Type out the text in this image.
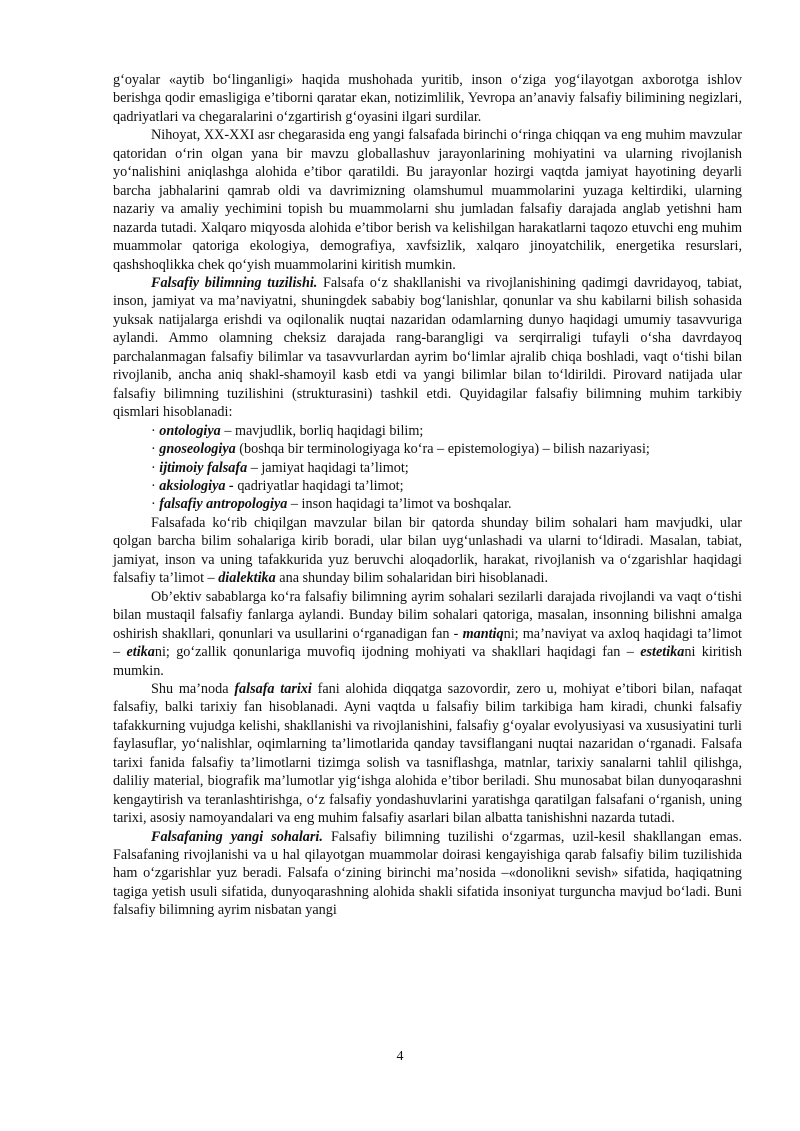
g‘oyalar «aytib bo‘linganligi» haqida mushohada yuritib, inson o‘ziga yog‘ilayotgan axborotga ishlov berishga qodir emasligiga e’tiborni qaratar ekan, notizimlilik, Yevropa an’anaviy falsafiy bilimining negizlari, qadriyatlari va chegaralarini o‘zgartirish g‘oyasini ilgari surdilar.

Nihoyat, XX-XXI asr chegarasida eng yangi falsafada birinchi o‘ringa chiqqan va eng muhim mavzular qatoridan o‘rin olgan yana bir mavzu globallashuv jarayonlarining mohiyatini va ularning rivojlanish yo‘nalishini aniqlashga alohida e’tibor qaratildi. Bu jarayonlar hozirgi vaqtda jamiyat hayotining deyarli barcha jabhalarini qamrab oldi va davrimizning olamshumul muammolarini yuzaga keltirdiki, ularning nazariy va amaliy yechimini topish bu muammolarni shu jumladan falsafiy darajada anglab yetishni ham nazarda tutadi. Xalqaro miqyosda alohida e’tibor berish va kelishilgan harakatlarni taqozo etuvchi eng muhim muammolar qatoriga ekologiya, demografiya, xavfsizlik, xalqaro jinoyatchilik, energetika resurslari, qashshoqlikka chek qo‘yish muammolarini kiritish mumkin.

Falsafiy bilimning tuzilishi. Falsafa o‘z shakllanishi va rivojlanishining qadimgi davridayoq, tabiat, inson, jamiyat va ma’naviyatni, shuningdek sababiy bog‘lanishlar, qonunlar va shu kabilarni bilish sohasida yuksak natijalarga erishdi va oqilonalik nuqtai nazaridan odamlarning dunyo haqidagi umumiy tasavvuriga aylandi. Ammo olamning cheksiz darajada rang-barangligi va serqirraligi tufayli o‘sha davrdayoq parchalanmagan falsafiy bilimlar va tasavvurlardan ayrim bo‘limlar ajralib chiqa boshladi, vaqt o‘tishi bilan rivojlanib, ancha aniq shakl-shamoyil kasb etdi va yangi bilimlar bilan to‘ldirildi. Pirovard natijada ular falsafiy bilimning tuzilishini (strukturasini) tashkil etdi. Quyidagilar falsafiy bilimning muhim tarkibiy qismlari hisoblanadi:

· ontologiya – mavjudlik, borliq haqidagi bilim;

· gnoseologiya (boshqa bir terminologiyaga ko‘ra – epistemologiya) – bilish nazariyasi;

· ijtimoiy falsafa – jamiyat haqidagi ta’limot;

· aksiologiya - qadriyatlar haqidagi ta’limot;

· falsafiy antropologiya – inson haqidagi ta’limot va boshqalar.

Falsafada ko‘rib chiqilgan mavzular bilan bir qatorda shunday bilim sohalari ham mavjudki, ular qolgan barcha bilim sohalariga kirib boradi, ular bilan uyg‘unlashadi va ularni to‘ldiradi. Masalan, tabiat, jamiyat, inson va uning tafakkurida yuz beruvchi aloqadorlik, harakat, rivojlanish va o‘zgarishlar haqidagi falsafiy ta’limot – dialektika ana shunday bilim sohalaridan biri hisoblanadi.

Ob’ektiv sabablarga ko‘ra falsafiy bilimning ayrim sohalari sezilarli darajada rivojlandi va vaqt o‘tishi bilan mustaqil falsafiy fanlarga aylandi. Bunday bilim sohalari qatoriga, masalan, insonning bilishni amalga oshirish shakllari, qonunlari va usullarini o‘rganadigan fan - mantiqni; ma’naviyat va axloq haqidagi ta’limot – etikani; go‘zallik qonunlariga muvofiq ijodning mohiyati va shakllari haqidagi fan – estetikani kiritish mumkin.

Shu ma’noda falsafa tarixi fani alohida diqqatga sazovordir, zero u, mohiyat e’tibori bilan, nafaqat falsafiy, balki tarixiy fan hisoblanadi. Ayni vaqtda u falsafiy bilim tarkibiga ham kiradi, chunki falsafiy tafakkurning vujudga kelishi, shakllanishi va rivojlanishini, falsafiy g‘oyalar evolyusiyasi va xususiyatini turli faylasuflar, yo‘nalishlar, oqimlarning ta’limotlarida qanday tavsiflangani nuqtai nazaridan o‘rganadi. Falsafa tarixi fanida falsafiy ta’limotlarni tizimga solish va tasniflashga, matnlar, tarixiy sanalarni tahlil qilishga, daliliy material, biografik ma’lumotlar yig‘ishga alohida e’tibor beriladi. Shu munosabat bilan dunyoqarashni kengaytirish va teranlashtirishga, o‘z falsafiy yondashuvlarini yaratishga qaratilgan falsafani o‘rganish, uning tarixi, asosiy namoyandalari va eng muhim falsafiy asarlari bilan albatta tanishishni nazarda tutadi.

Falsafaning yangi sohalari. Falsafiy bilimning tuzilishi o‘zgarmas, uzil-kesil shakllangan emas. Falsafaning rivojlanishi va u hal qilayotgan muammolar doirasi kengayishiga qarab falsafiy bilim tuzilishida ham o‘zgarishlar yuz beradi. Falsafa o‘zining birinchi ma’nosida –«donolikni sevish» sifatida, haqiqatning tagiga yetish usuli sifatida, dunyoqarashning alohida shakli sifatida insoniyat turguncha mavjud bo‘ladi. Buni falsafiy bilimning ayrim nisbatan yangi

4
